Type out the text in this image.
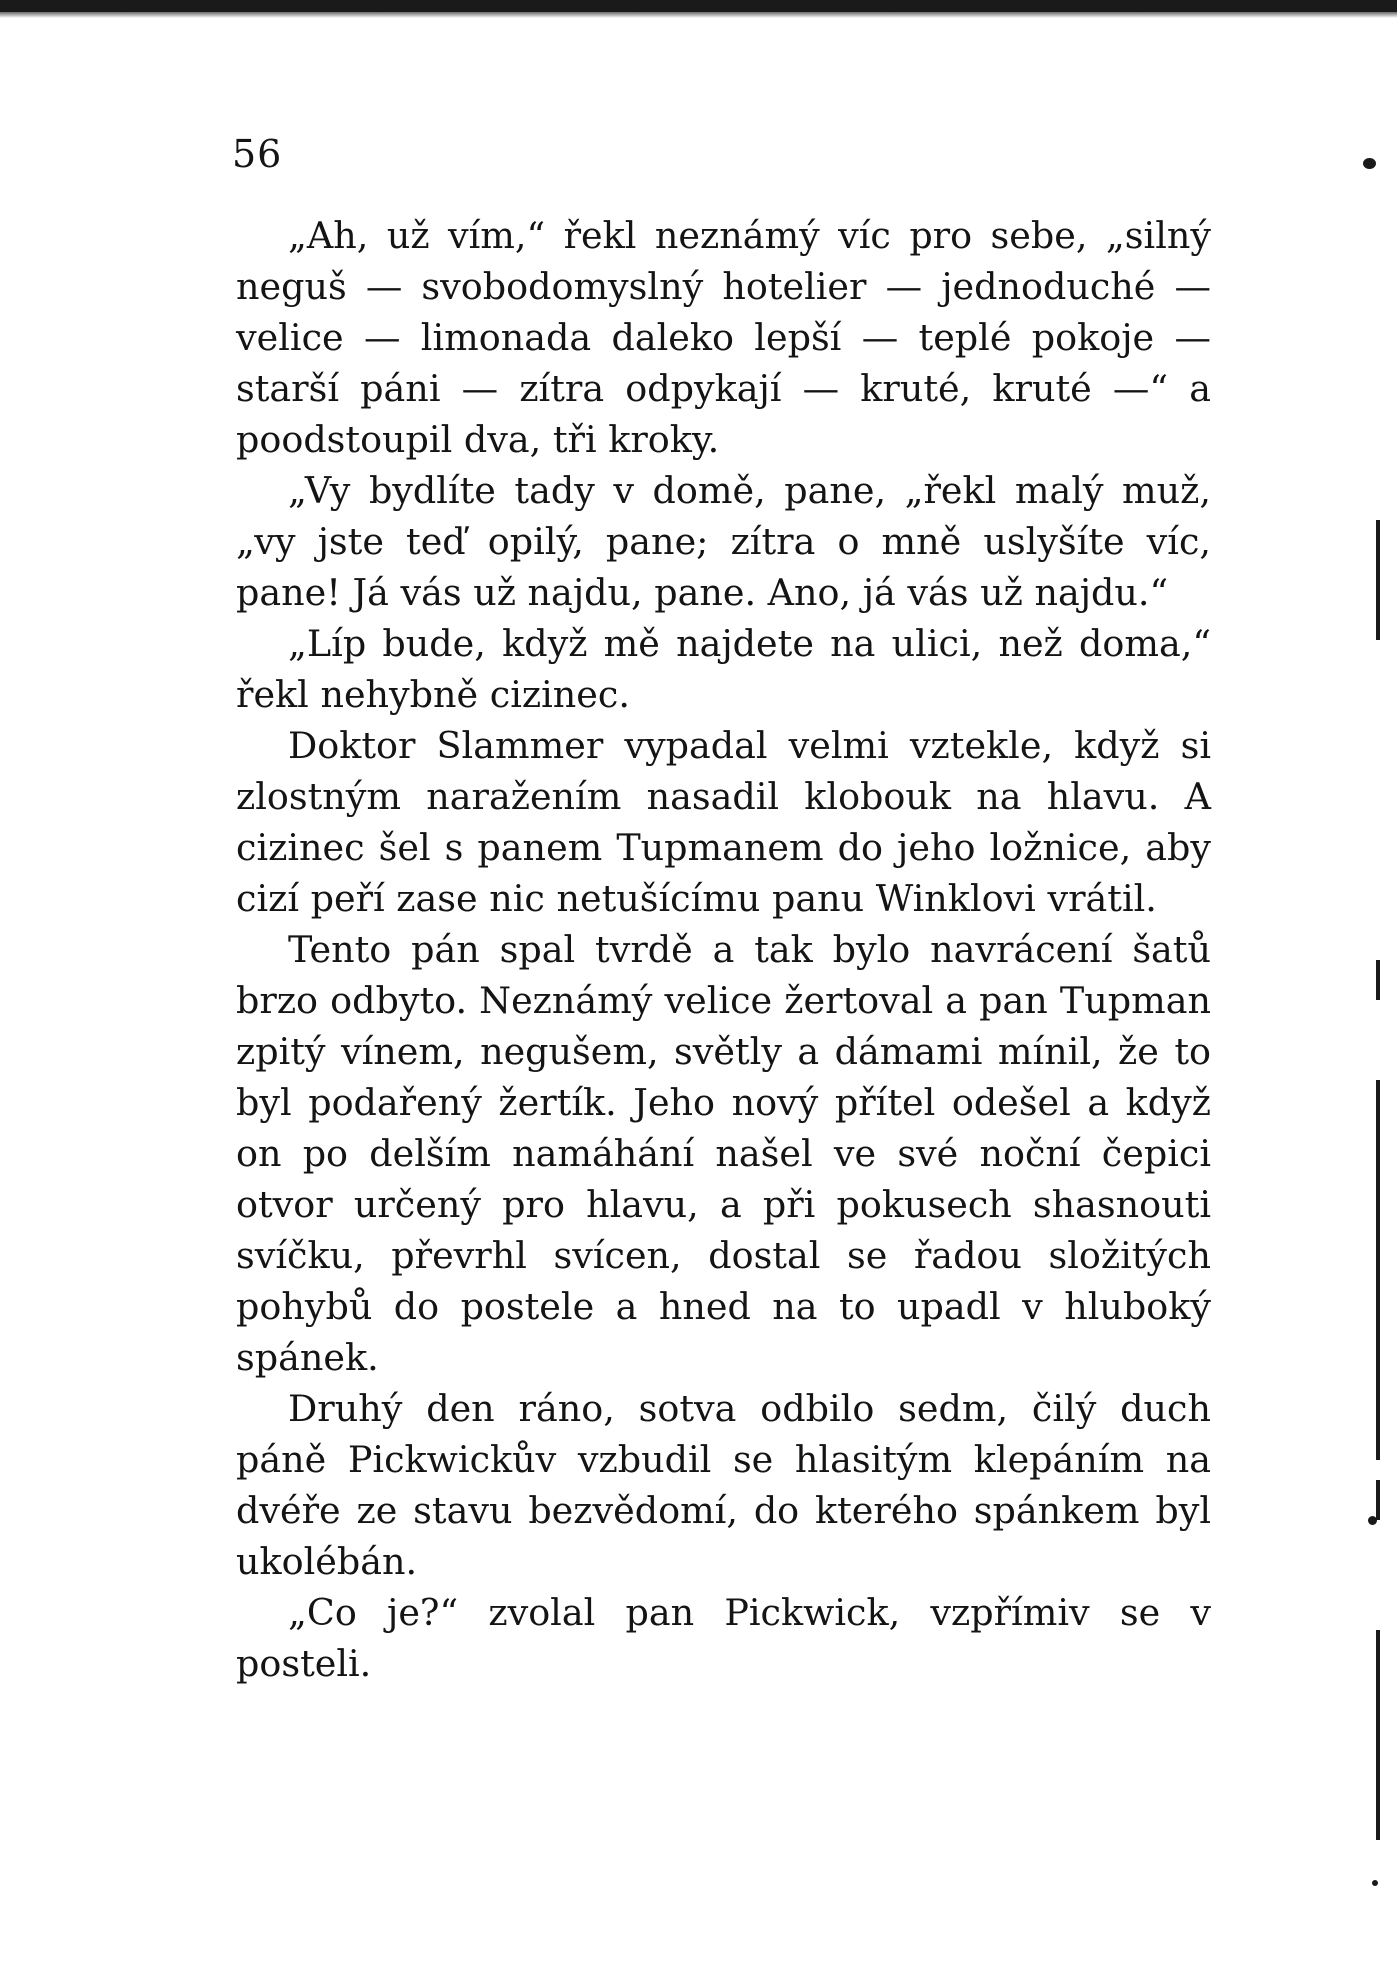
56

„Ah, už vím,“ řekl neznámý víc pro sebe, „silný neguš — svobodomyslný hotelier — jednoduché — velice — limonada daleko lepší — teplé pokoje — starší páni — zítra odpykají — kruté, kruté —“ a poodstoupil dva, tři kroky.

„Vy bydlíte tady v domě, pane, „řekl malý muž, „vy jste teď opilý, pane; zítra o mně uslyšíte víc, pane! Já vás už najdu, pane. Ano, já vás už najdu.“

„Líp bude, když mě najdete na ulici, než doma,“ řekl nehybně cizinec.

Doktor Slammer vypadal velmi vztekle, když si zlostným naražením nasadil klobouk na hlavu. A cizinec šel s panem Tupmanem do jeho ložnice, aby cizí peří zase nic netušícímu panu Winklovi vrátil.

Tento pán spal tvrdě a tak bylo navrácení šatů brzo odbyto. Neznámý velice žertoval a pan Tupman zpitý vínem, negušem, světly a dámami mínil, že to byl podařený žertík. Jeho nový přítel odešel a když on po delším namáhání našel ve své noční čepici otvor určený pro hlavu, a při pokusech shasnouti svíčku, převrhl svícen, dostal se řadou složitých pohybů do postele a hned na to upadl v hluboký spánek.

Druhý den ráno, sotva odbilo sedm, čilý duch páně Pickwickův vzbudil se hlasitým klepáním na dvéře ze stavu bezvědomí, do kterého spánkem byl ukolébán.

„Co je?“ zvolal pan Pickwick, vzpřímiv se v posteli.
